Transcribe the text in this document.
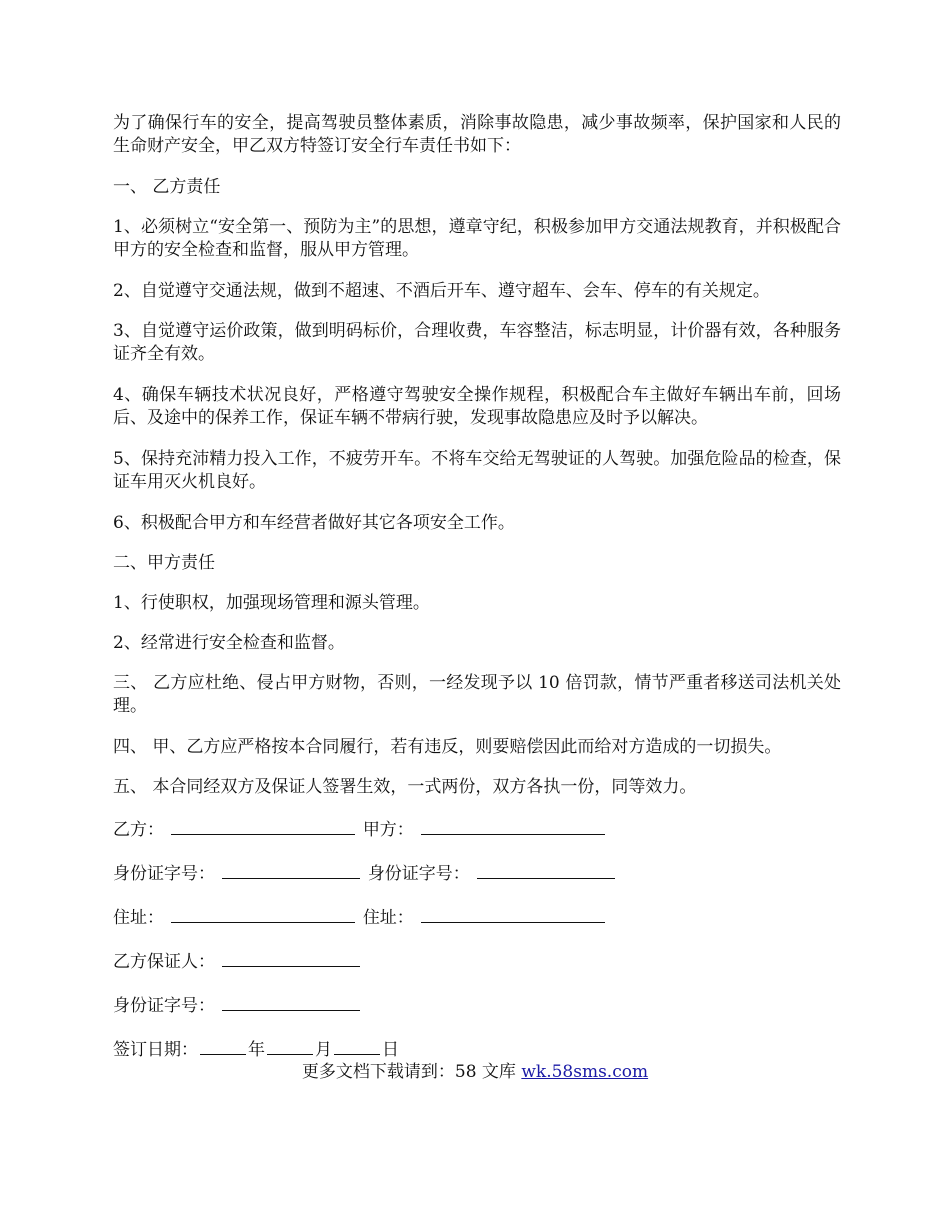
为了确保行车的安全，提高驾驶员整体素质，消除事故隐患，减少事故频率，保护国家和人民的生命财产安全，甲乙双方特签订安全行车责任书如下：

一、 乙方责任

1、必须树立“安全第一、预防为主”的思想，遵章守纪，积极参加甲方交通法规教育，并积极配合甲方的安全检查和监督，服从甲方管理。

2、自觉遵守交通法规，做到不超速、不酒后开车、遵守超车、会车、停车的有关规定。

3、自觉遵守运价政策，做到明码标价，合理收费，车容整洁，标志明显，计价器有效，各种服务证齐全有效。

4、确保车辆技术状况良好，严格遵守驾驶安全操作规程，积极配合车主做好车辆出车前，回场后、及途中的保养工作，保证车辆不带病行驶，发现事故隐患应及时予以解决。

5、保持充沛精力投入工作，不疲劳开车。不将车交给无驾驶证的人驾驶。加强危险品的检查，保证车用灭火机良好。

6、积极配合甲方和车经营者做好其它各项安全工作。

二、甲方责任

1、行使职权，加强现场管理和源头管理。

2、经常进行安全检查和监督。

三、 乙方应杜绝、侵占甲方财物，否则，一经发现予以 10 倍罚款，情节严重者移送司法机关处理。

四、 甲、乙方应严格按本合同履行，若有违反，则要赔偿因此而给对方造成的一切损失。

五、 本合同经双方及保证人签署生效，一式两份，双方各执一份，同等效力。

乙方：	甲方：
身份证字号：	身份证字号：
住址：	住址：
乙方保证人：
身份证字号：
签订日期：	年	月	日
更多文档下载请到：58 文库 wk.58sms.com
